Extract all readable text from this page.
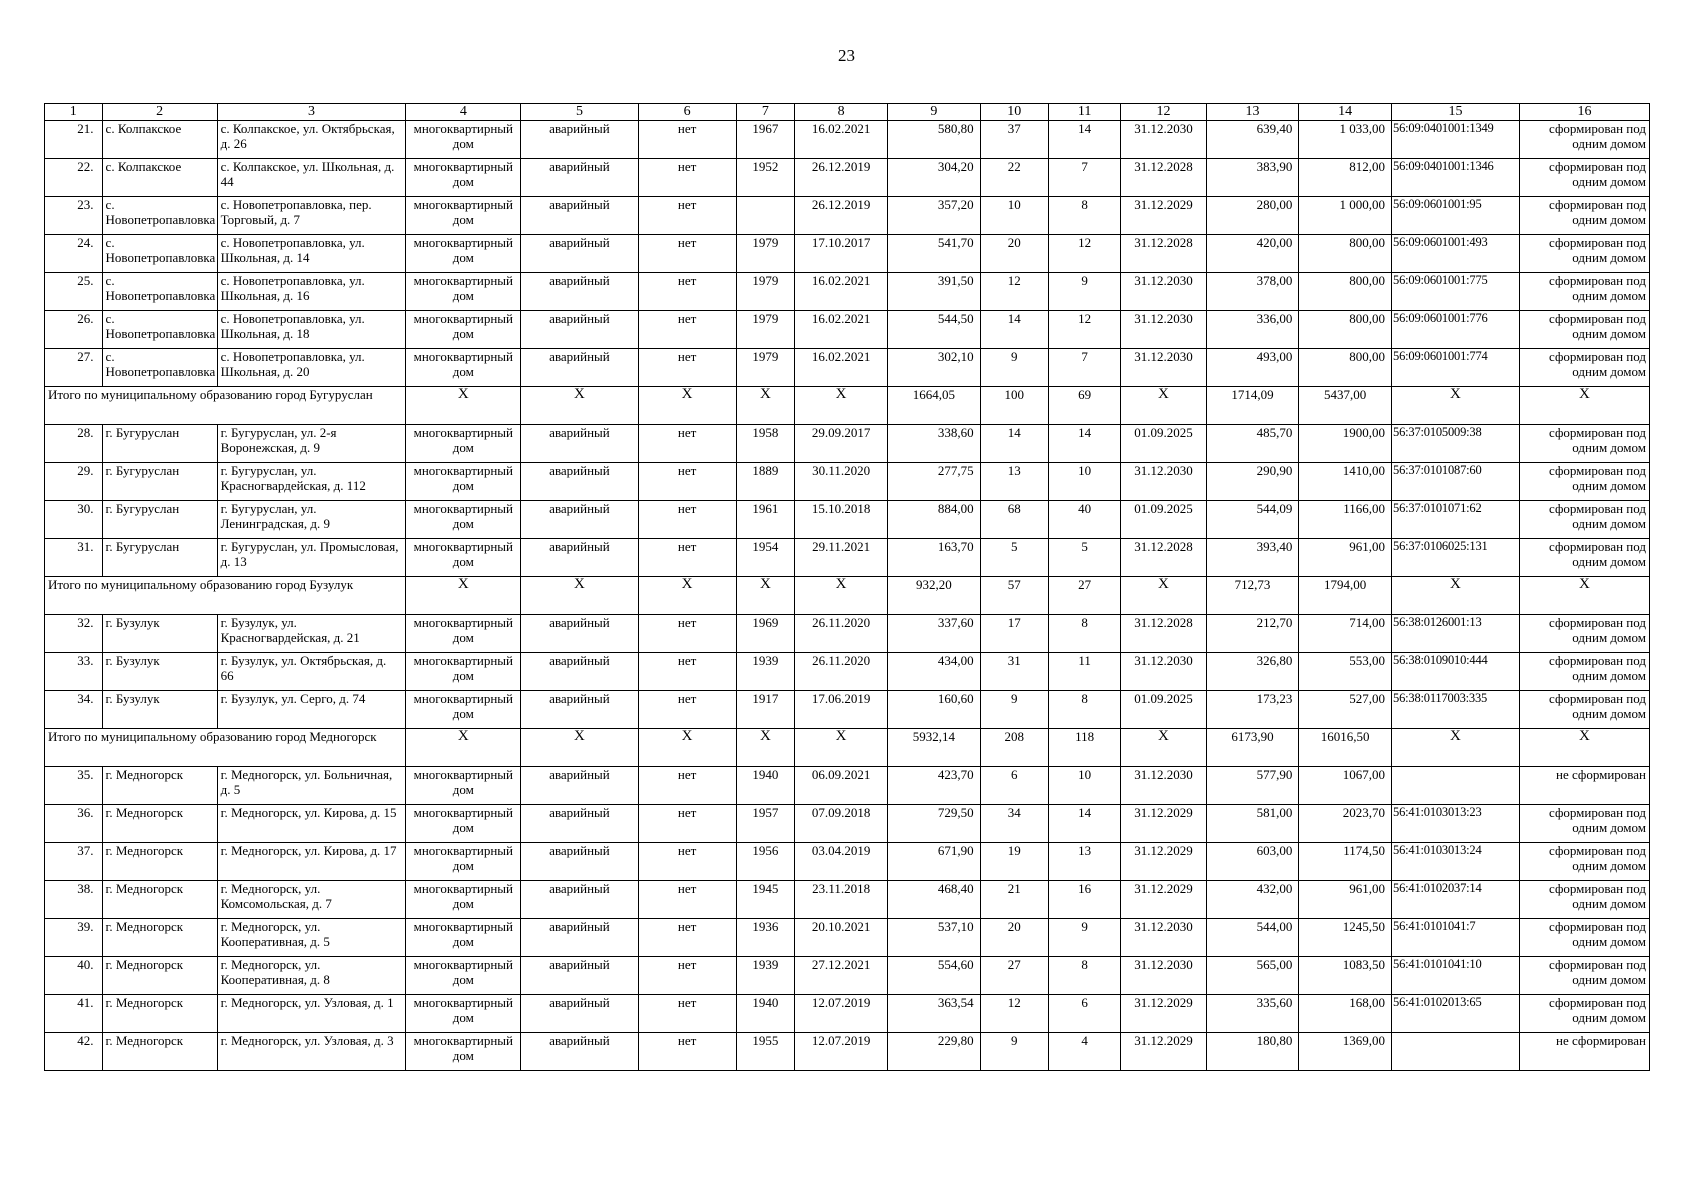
23
1	2	3	4	5	6	7	8	9	10	11	12	13	14	15	16
21.	с. Колпакское	с. Колпакское, ул. Октябрьская, д. 26	многоквартирный дом	аварийный	нет	1967	16.02.2021	580,80	37	14	31.12.2030	639,40	1 033,00	56:09:0401001:1349	сформирован под одним домом
22.	с. Колпакское	с. Колпакское, ул. Школьная, д. 44	многоквартирный дом	аварийный	нет	1952	26.12.2019	304,20	22	7	31.12.2028	383,90	812,00	56:09:0401001:1346	сформирован под одним домом
23.	с. Новопетропавловка	с. Новопетропавловка, пер. Торговый, д. 7	многоквартирный дом	аварийный	нет		26.12.2019	357,20	10	8	31.12.2029	280,00	1 000,00	56:09:0601001:95	сформирован под одним домом
24.	с. Новопетропавловка	с. Новопетропавловка, ул. Школьная, д. 14	многоквартирный дом	аварийный	нет	1979	17.10.2017	541,70	20	12	31.12.2028	420,00	800,00	56:09:0601001:493	сформирован под одним домом
25.	с. Новопетропавловка	с. Новопетропавловка, ул. Школьная, д. 16	многоквартирный дом	аварийный	нет	1979	16.02.2021	391,50	12	9	31.12.2030	378,00	800,00	56:09:0601001:775	сформирован под одним домом
26.	с. Новопетропавловка	с. Новопетропавловка, ул. Школьная, д. 18	многоквартирный дом	аварийный	нет	1979	16.02.2021	544,50	14	12	31.12.2030	336,00	800,00	56:09:0601001:776	сформирован под одним домом
27.	с. Новопетропавловка	с. Новопетропавловка, ул. Школьная, д. 20	многоквартирный дом	аварийный	нет	1979	16.02.2021	302,10	9	7	31.12.2030	493,00	800,00	56:09:0601001:774	сформирован под одним домом
Итого по муниципальному образованию город Бугуруслан			X	X	X	X	X	1664,05	100	69	X	1714,09	5437,00	X	X
28.	г. Бугуруслан	г. Бугуруслан, ул. 2-я Воронежская, д. 9	многоквартирный дом	аварийный	нет	1958	29.09.2017	338,60	14	14	01.09.2025	485,70	1900,00	56:37:0105009:38	сформирован под одним домом
29.	г. Бугуруслан	г. Бугуруслан, ул. Красногвардейская, д. 112	многоквартирный дом	аварийный	нет	1889	30.11.2020	277,75	13	10	31.12.2030	290,90	1410,00	56:37:0101087:60	сформирован под одним домом
30.	г. Бугуруслан	г. Бугуруслан, ул. Ленинградская, д. 9	многоквартирный дом	аварийный	нет	1961	15.10.2018	884,00	68	40	01.09.2025	544,09	1166,00	56:37:0101071:62	сформирован под одним домом
31.	г. Бугуруслан	г. Бугуруслан, ул. Промысловая, д. 13	многоквартирный дом	аварийный	нет	1954	29.11.2021	163,70	5	5	31.12.2028	393,40	961,00	56:37:0106025:131	сформирован под одним домом
Итого по муниципальному образованию город Бузулук			X	X	X	X	X	932,20	57	27	X	712,73	1794,00	X	X
32.	г. Бузулук	г. Бузулук, ул. Красногвардейская, д. 21	многоквартирный дом	аварийный	нет	1969	26.11.2020	337,60	17	8	31.12.2028	212,70	714,00	56:38:0126001:13	сформирован под одним домом
33.	г. Бузулук	г. Бузулук, ул. Октябрьская, д. 66	многоквартирный дом	аварийный	нет	1939	26.11.2020	434,00	31	11	31.12.2030	326,80	553,00	56:38:0109010:444	сформирован под одним домом
34.	г. Бузулук	г. Бузулук, ул. Серго, д. 74	многоквартирный дом	аварийный	нет	1917	17.06.2019	160,60	9	8	01.09.2025	173,23	527,00	56:38:0117003:335	сформирован под одним домом
Итого по муниципальному образованию город Медногорск			X	X	X	X	X	5932,14	208	118	X	6173,90	16016,50	X	X
35.	г. Медногорск	г. Медногорск, ул. Больничная, д. 5	многоквартирный дом	аварийный	нет	1940	06.09.2021	423,70	6	10	31.12.2030	577,90	1067,00		не сформирован
36.	г. Медногорск	г. Медногорск, ул. Кирова, д. 15	многоквартирный дом	аварийный	нет	1957	07.09.2018	729,50	34	14	31.12.2029	581,00	2023,70	56:41:0103013:23	сформирован под одним домом
37.	г. Медногорск	г. Медногорск, ул. Кирова, д. 17	многоквартирный дом	аварийный	нет	1956	03.04.2019	671,90	19	13	31.12.2029	603,00	1174,50	56:41:0103013:24	сформирован под одним домом
38.	г. Медногорск	г. Медногорск, ул. Комсомольская, д. 7	многоквартирный дом	аварийный	нет	1945	23.11.2018	468,40	21	16	31.12.2029	432,00	961,00	56:41:0102037:14	сформирован под одним домом
39.	г. Медногорск	г. Медногорск, ул. Кооперативная, д. 5	многоквартирный дом	аварийный	нет	1936	20.10.2021	537,10	20	9	31.12.2030	544,00	1245,50	56:41:0101041:7	сформирован под одним домом
40.	г. Медногорск	г. Медногорск, ул. Кооперативная, д. 8	многоквартирный дом	аварийный	нет	1939	27.12.2021	554,60	27	8	31.12.2030	565,00	1083,50	56:41:0101041:10	сформирован под одним домом
41.	г. Медногорск	г. Медногорск, ул. Узловая, д. 1	многоквартирный дом	аварийный	нет	1940	12.07.2019	363,54	12	6	31.12.2029	335,60	168,00	56:41:0102013:65	сформирован под одним домом
42.	г. Медногорск	г. Медногорск, ул. Узловая, д. 3	многоквартирный дом	аварийный	нет	1955	12.07.2019	229,80	9	4	31.12.2029	180,80	1369,00		не сформирован
